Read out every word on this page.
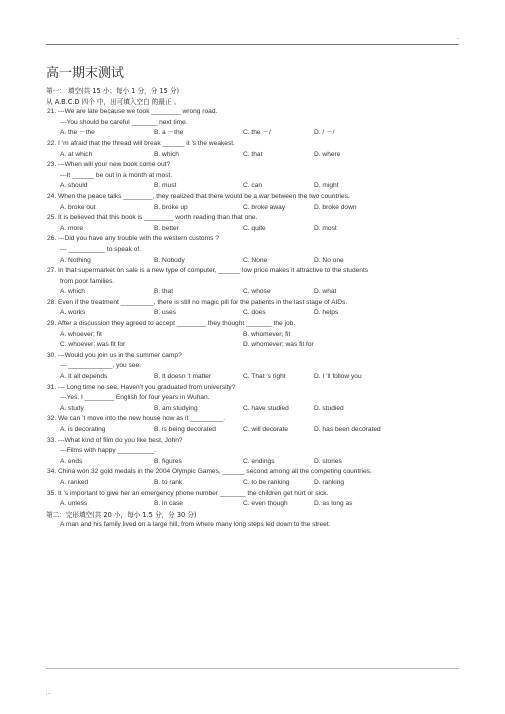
-
高一期末测试
第一： 填空(共 15 小；每小 1 分，分 15 分)
从 A.B.C.D 四个 中，出可填入空白 的最正 。
21. ---We are late because we took ________ wrong road.
---You should be careful _______ next time.
A. the －the	B. a －the	C. the －/	D. / －/
22. I ’m afraid that the thread will break ______ it ’s the weakest.
A. at which	B. which	C. that	D. where
23. ---When will your new book come out?
---It ______ be out in a month at most.
A. should	B. must	C. can	D. might
24. When the peace talks ________, they realized that there would be a war between the two countries.
A. broke out	B. broke up	C. broke away	D. broke down
25. It is believed that this book is ________ worth reading than that one.
A. more	B. better	C. quite	D. most
26. ---Did you have any trouble with the western customs ?
--- __________ to speak of.
A. Nothing	B. Nobody	C. None	D. No one
27. In that supermarket on sale is a new type of computer, ______ low price makes it attractive to the students
from poor families.
A. which	B. that	C. whose	D. what
28. Even if the treatment _________, there is still no magic pill for the patients in the last stage of AIDs.
A. works	B. uses	C. does	D. helps
29. After a discussion they agreed to accept ________ they thought _______ the job.
A. whoever; fit	B. whomever; fit
C. whoever; was fit for	D. whomever; was fit for
30. ---Would you join us in the summer camp?
--- ____________, you see.
A. It all depends	B. It doesn ’t matter	C. That ’s right	D. I ’ll follow you
31. --- Long time no see. Haven’t you graduated from university?
---Yes. I ________ English for four years in Wuhan.
A. study	B. am studying	C. have studied	D. studied
32. We can ’t move into the new house now as it _________.
A. is decorating	B. is being decorated	C. will decorate	D. has been decorated
33. ---What kind of film do you like best, John?
---Films with happy __________.
A. ends	B. figures	C. endings	D. stories
34. China won 32 gold medals in the 2004 Olympic Games, ______ second among all the competing countries.
A. ranked	B. to rank	C. to be ranking	D. ranking
35. It ’s important to give her an emergency phone number _______ the children get hurt or sick.
A. unless	B. in case	C. even though	D. as long as
第二：完形填空(共 20 小，每小 1.5 分，分 30 分)
A man and his family lived on a large hill, from where many long steps led down to the street.
;..
